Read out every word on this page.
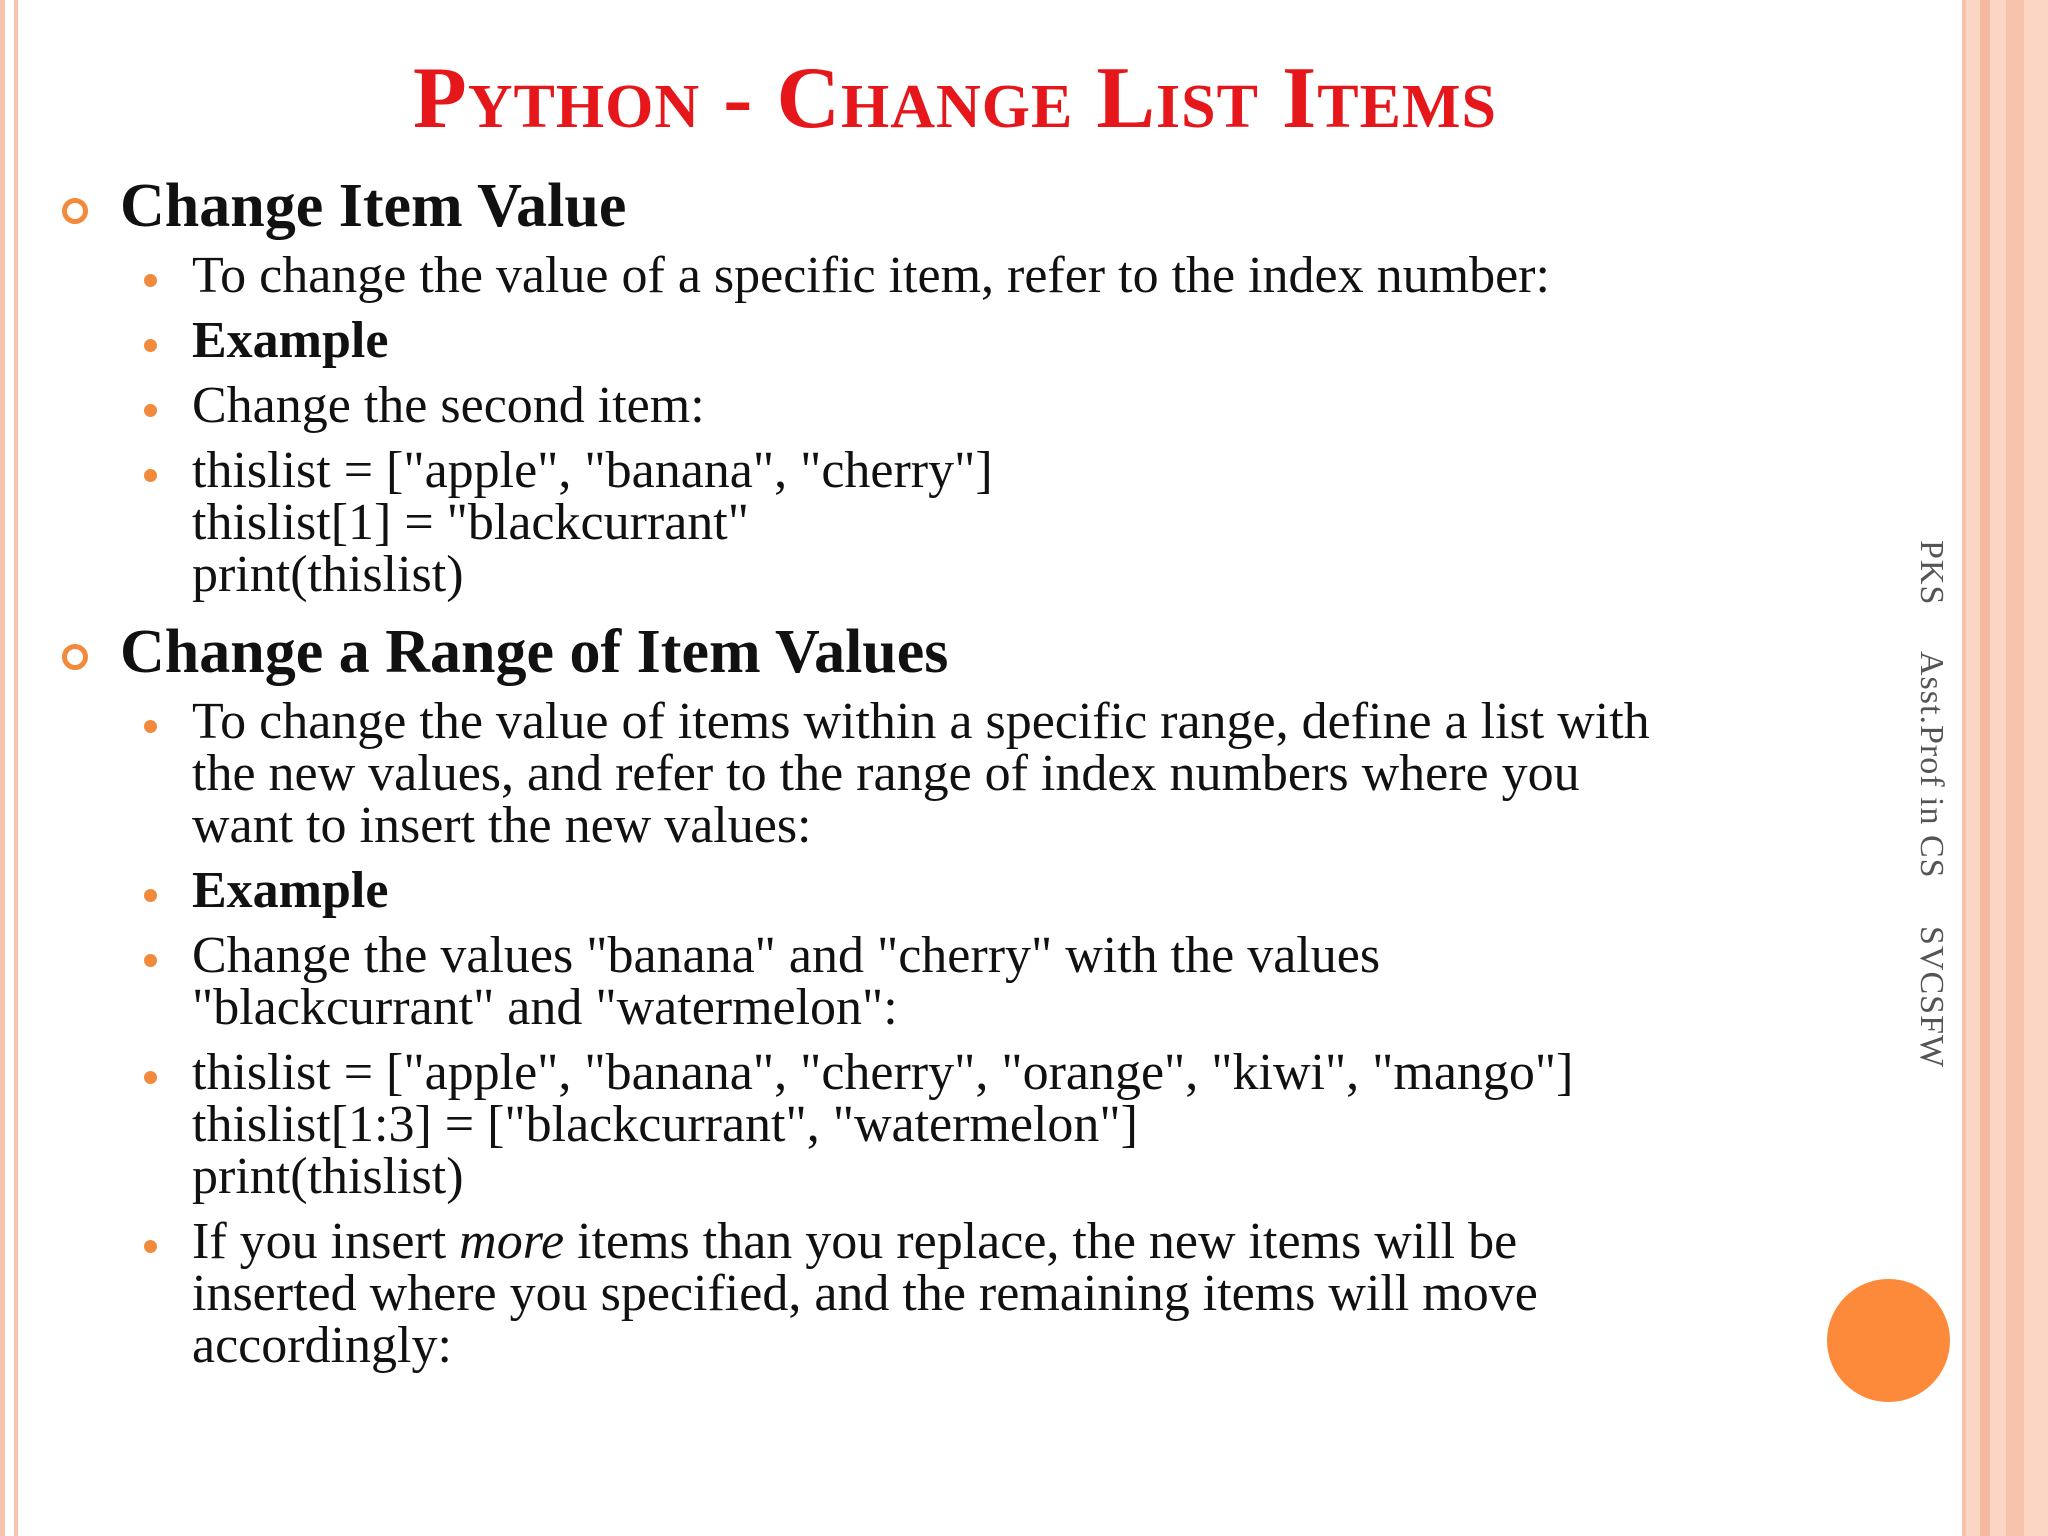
Python - Change List Items
Change Item Value
To change the value of a specific item, refer to the index number:
Example
Change the second item:
thislist = ["apple", "banana", "cherry"]
thislist[1] = "blackcurrant"
print(thislist)
Change a Range of Item Values
To change the value of items within a specific range, define a list with
the new values, and refer to the range of index numbers where you
want to insert the new values:
Example
Change the values "banana" and "cherry" with the values
"blackcurrant" and "watermelon":
thislist = ["apple", "banana", "cherry", "orange", "kiwi", "mango"]
thislist[1:3] = ["blackcurrant", "watermelon"]
print(thislist)
If you insert more items than you replace, the new items will be
inserted where you specified, and the remaining items will move
accordingly:
PKS     Asst.Prof in CS     SVCSFW
